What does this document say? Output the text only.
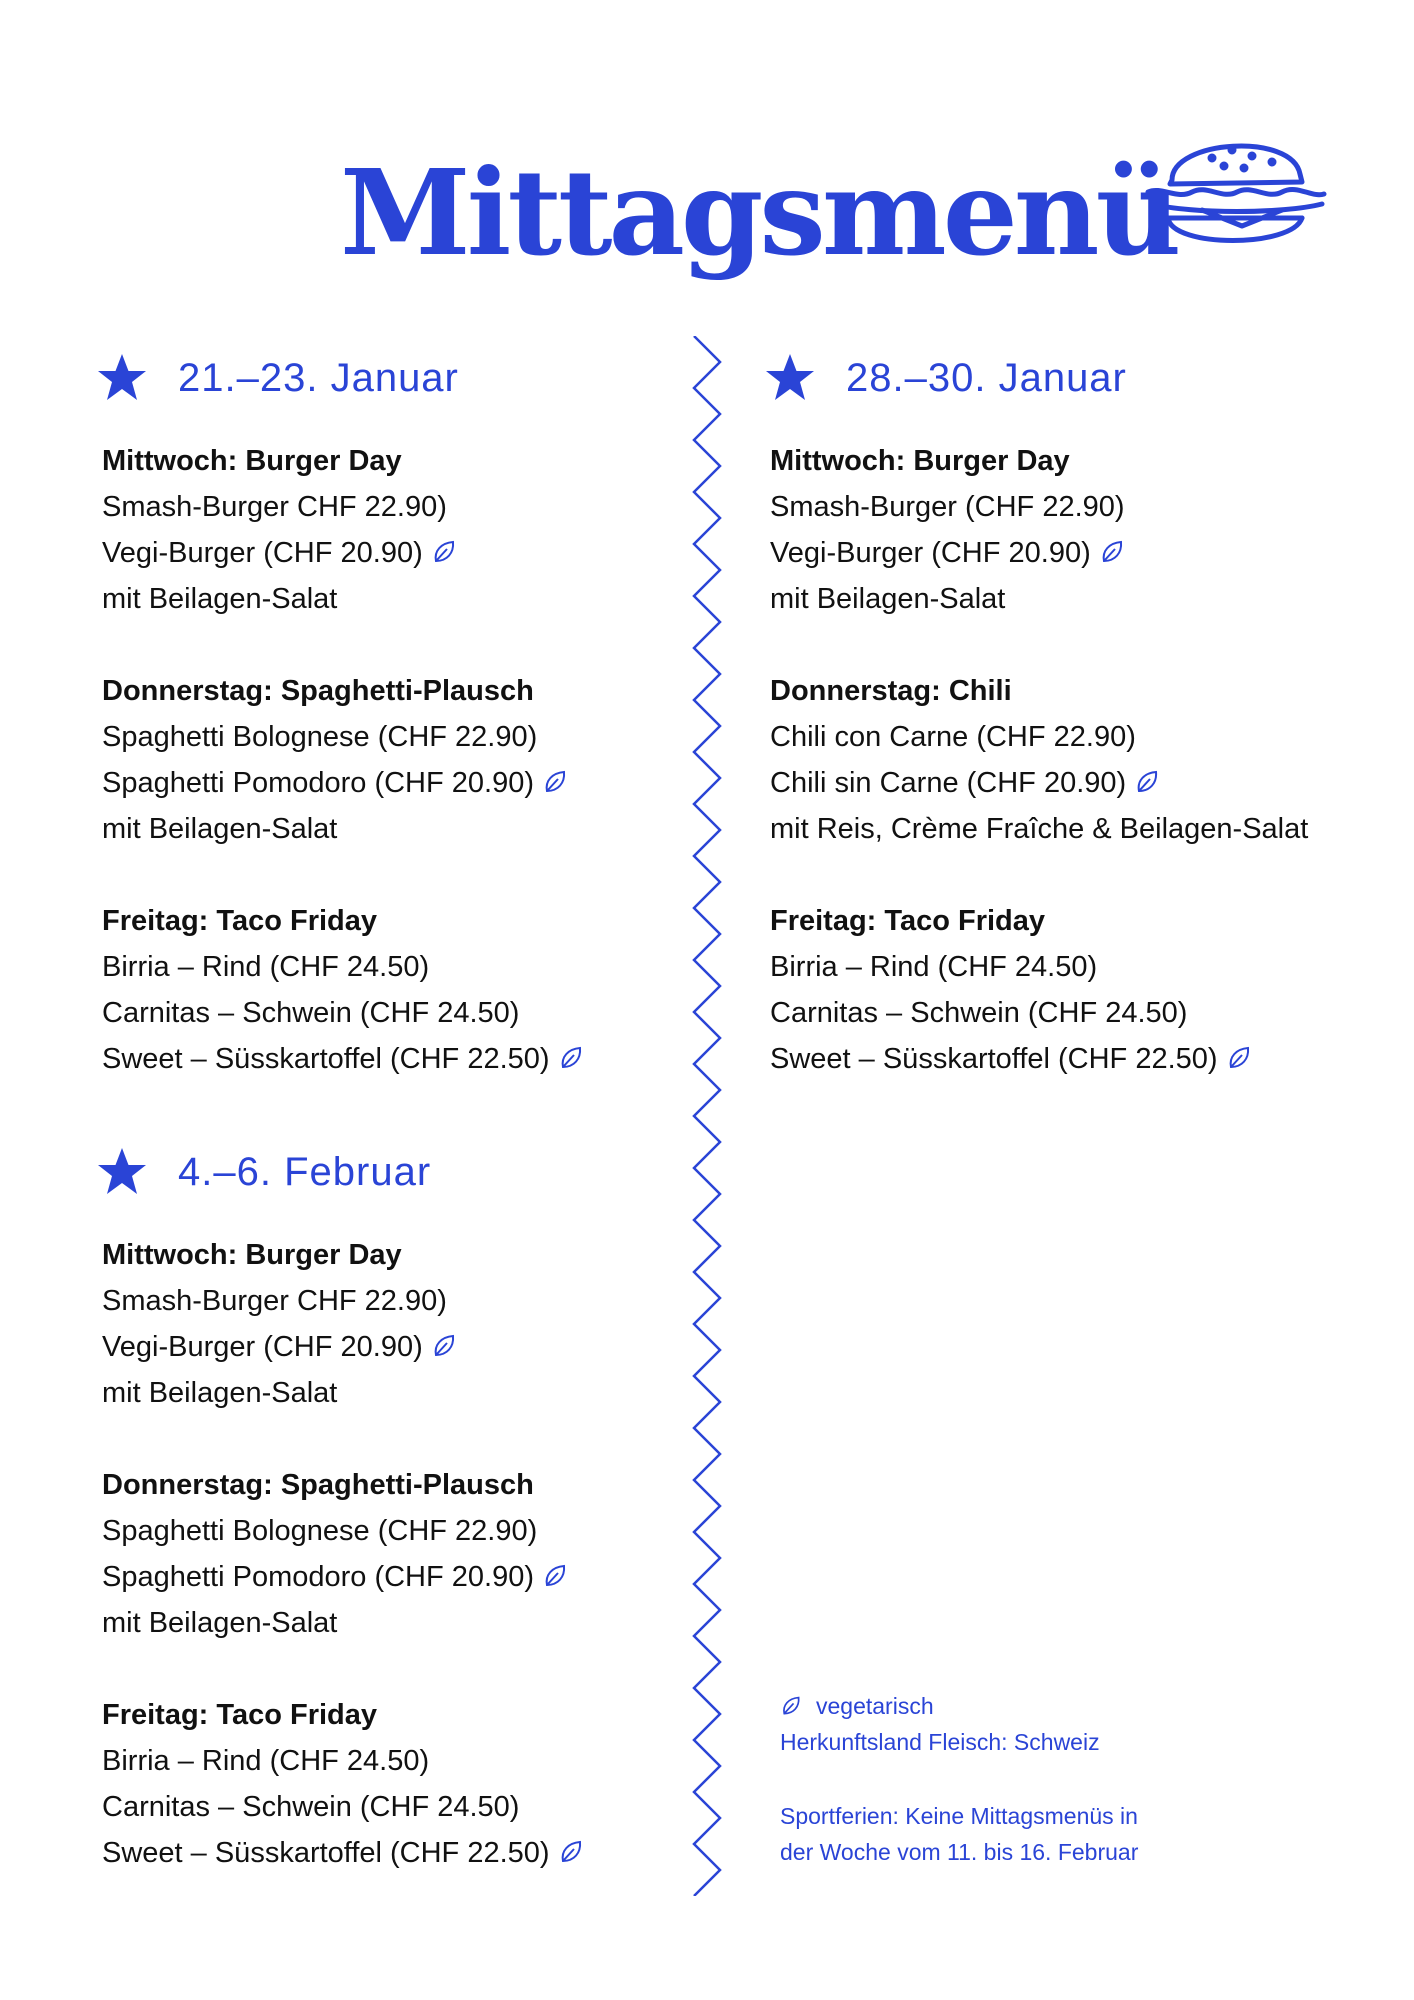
Mittagsmenü
21.–23. Januar
Mittwoch: Burger Day
Smash-Burger CHF 22.90)
Vegi-Burger (CHF 20.90)
mit Beilagen-Salat
Donnerstag: Spaghetti-Plausch
Spaghetti Bolognese (CHF 22.90)
Spaghetti Pomodoro (CHF 20.90)
mit Beilagen-Salat
Freitag: Taco Friday
Birria – Rind (CHF 24.50)
Carnitas – Schwein (CHF 24.50)
Sweet – Süsskartoffel (CHF 22.50)
4.–6. Februar
Mittwoch: Burger Day
Smash-Burger CHF 22.90)
Vegi-Burger (CHF 20.90)
mit Beilagen-Salat
Donnerstag: Spaghetti-Plausch
Spaghetti Bolognese (CHF 22.90)
Spaghetti Pomodoro (CHF 20.90)
mit Beilagen-Salat
Freitag: Taco Friday
Birria – Rind (CHF 24.50)
Carnitas – Schwein (CHF 24.50)
Sweet – Süsskartoffel (CHF 22.50)
28.–30. Januar
Mittwoch: Burger Day
Smash-Burger (CHF 22.90)
Vegi-Burger (CHF 20.90)
mit Beilagen-Salat
Donnerstag: Chili
Chili con Carne (CHF 22.90)
Chili sin Carne (CHF 20.90)
mit Reis, Crème Fraîche & Beilagen-Salat
Freitag: Taco Friday
Birria – Rind (CHF 24.50)
Carnitas – Schwein (CHF 24.50)
Sweet – Süsskartoffel (CHF 22.50)
vegetarisch
Herkunftsland Fleisch: Schweiz
Sportferien: Keine Mittagsmenüs in
der Woche vom 11. bis 16. Februar
